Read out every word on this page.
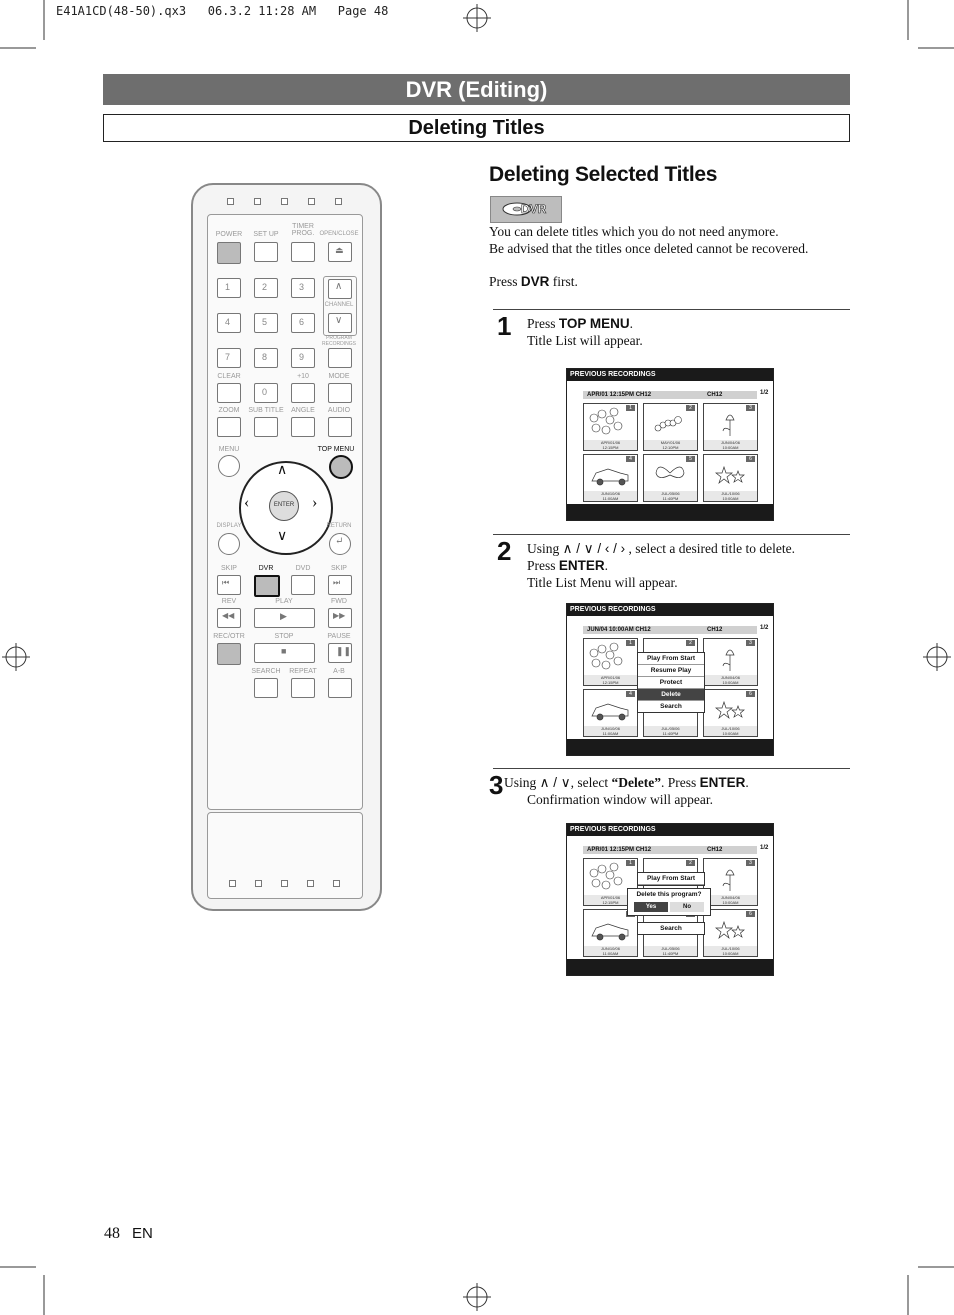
E41A1CD(48-50).qx3   06.3.2 11:28 AM   Page 48
DVR (Editing)
Deleting Titles
Deleting Selected Titles
DVR
You can delete titles which you do not need anymore.
Be advised that the titles once deleted cannot be recovered.
Press DVR first.
1 Press TOP MENU.
Title List will appear.
2 Using ∧ / ∨ / ‹ / › , select a desired title to delete.
Press ENTER.
Title List Menu will appear.
3 Using ∧ / ∨, select “Delete”. Press ENTER.
Confirmation window will appear.
PREVIOUS RECORDINGS
APR/01 12:15PM CH12	CH12	1/2
1
APR/01/06
12:15PM
2
MAY/01/06
12:10PM
3
JUN/04/06
10:00AM
4
JUN/10/06
11:00AM
5
JUL/05/06
11:40PM
6
JUL/10/06
10:00AM
PREVIOUS RECORDINGS
JUN/04 10:00AM CH12	CH12	1/2
1
APR/01/06
12:15PM
2	3
JUN/04/06
10:00AM
4
JUN/10/06
11:00AM
JUL/05/06
11:40PM
6
JUL/10/06
10:00AM
Play From Start
Resume Play
Protect
Delete
Search
PREVIOUS RECORDINGS
APR/01 12:15PM CH12	CH12	1/2
1
APR/01/06
12:15PM
2	3
JUN/04/06
10:00AM
JUN/10/06
11:00AM
JUL/05/06
11:40PM
6
JUL/10/06
10:00AM
Play From Start
Delete this program?
Yes	No
Search
POWER	SET UP
TIMER
PROG. OPEN/CLOSE
⏏
1	2	3
4	5	6
7	8	9
∧
CHANNEL
∨
PROGRAM
RECORDINGS
CLEAR	+10	MODE
0
ZOOM	SUB TITLE	ANGLE	AUDIO
MENU	TOP MENU
∧
∨
‹	›
ENTER
DISPLAY	RETURN
↵
SKIP	DVR	DVD	SKIP
⏮	⏭
REV	PLAY	FWD
◀◀	▶	▶▶
REC/OTR	STOP	PAUSE
■	❚❚
SEARCH	REPEAT	A-B
48 EN
